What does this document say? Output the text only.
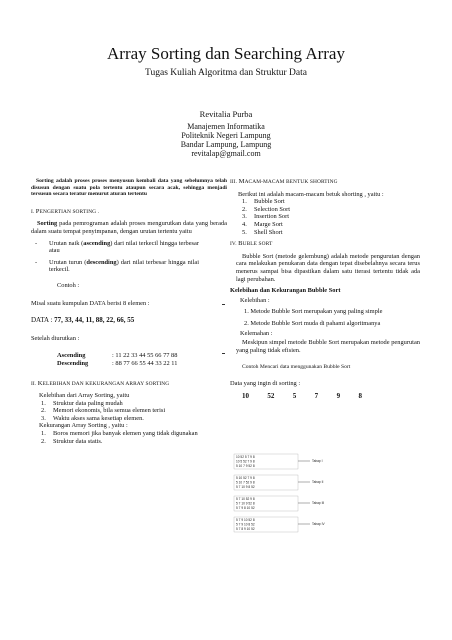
Array Sorting dan Searching Array
Tugas Kuliah Algoritma dan Struktur Data
Revitalia Purba
Manajemen Informatika
Politeknik Negeri Lampung
Bandar Lampung, Lampung
revitalap@gmail.com
Sorting adalah proses proses menyusun kembali data yang sebelumnya telah disusun dengan suatu pola tertentu ataupun secara acak, sehingga menjadi tersusun secara teratur menurut aturan tertentu
I. PENGERTIAN SORTING .
Sorting pada pemrograman adalah proses mengurutkan data yang berada dalam suatu tempat penyimpanan, dengan urutan tertentu yaitu
-	Urutan naik (ascending) dari nilai terkecil hingga terbesar atau
-	Urutan turun (descending) dari nilai terbesar hingga nilai terkecil.
Contoh :
Misal suatu kumpulan DATA berisi 8 elemen :
DATA : 77, 33, 44, 11, 88, 22, 66, 55
Setelah diurutkan :
Ascending	: 11 22 33 44 55 66 77 88
Descending	: 88 77 66 55 44 33 22 11
II. KELEBIHAN DAN KEKURANGAN ARRAY SORTING
Kelebihan dari Array Sorting, yaitu
1.	Struktur data paling mudah
2.	Memori ekonomis, bila semua elemen terisi
3.	Waktu akses sama kesetiap elemen.
Kekurangan Array Sorting , yaitu :
1.	Boros memori jika banyak elemen yang tidak digunakan
2.	Struktur data statis.
III. MACAM-MACAM BENTUK SHORTING
Berikut ini adalah macam-macam betuk shorting , yaitu :
1.	Bubble Sort
2.	Selection Sort
3.	Insertion Sort
4.	Marge Sort
5.	Shell Short
IV. BUBLE SORT
Bubble Sort (metode gelembung) adalah metode pengurutan dengan cara melakukan penukaran data dengan tepat disebelahnya secara terus menerus sampai bisa dipastikan dalam satu iterasi tertentu tidak ada lagi perubahan.
Kelebihan dan Kekurangan Bubble Sort
Kelebihan :
1. Metode Bubble Sort merupakan yang paling simple
2. Metode Bubble Sort muda di pahami algoritmanya
Kelemahan :
Meskipun simpel metode Bubble Sort merupakan metode pengurutan yang paling tidak efisien.
Contoh Mencari data menggunakan Bubble Sort
Data yang ingin di sorting :
10	52	5	7	9	8
10 52 5 7 9 8
10 5 52 7 9 8
5 10 7 9 52 8
Tahap I
5 10 52 7 9 8
5 10 7 52 9 8
5 7 10 9 8 52
Tahap II
5 7 10 52 9 8
5 7 10 9 52 8
5 7 9 8 10 52
Tahap III
5 7 9 10 52 8
5 7 9 10 8 52
5 7 8 9 10 52
Tahap IV
